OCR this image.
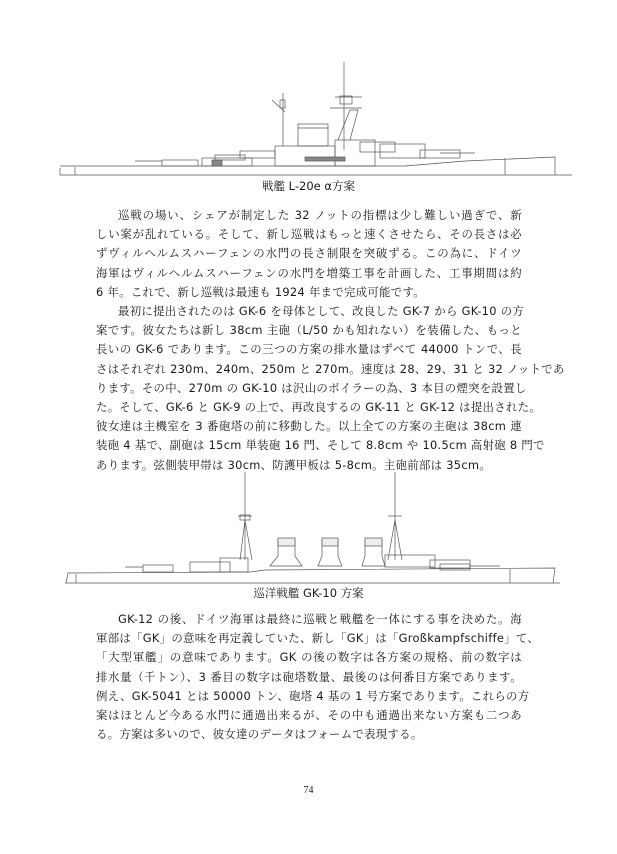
戦艦 L-20e α方案
巡戦の場い、シェアが制定した 32 ノットの指標は少し難しい過ぎで、新
しい案が乱れている。そして、新し巡戦はもっと速くさせたら、その長さは必
ずヴィルヘルムスハーフェンの水門の長さ制限を突破ずる。この為に、ドイツ
海軍はヴィルヘルムスハーフェンの水門を増築工事を計画した、工事期間は約
6 年。これで、新し巡戦は最速も 1924 年まで完成可能です。
最初に提出されたのは GK-6 を母体として、改良した GK-7 から GK-10 の方
案です。彼女たちは新し 38cm 主砲（L/50 かも知れない）を装備した、もっと
長いの GK-6 であります。この三つの方案の排水量はずべて 44000 トンで、長
さはそれぞれ 230m、240m、250m と 270m。速度は 28、29、31 と 32 ノットであ
ります。その中、270m の GK-10 は沢山のボイラーの為、3 本目の煙突を設置し
た。そして、GK-6 と GK-9 の上で、再改良するの GK-11 と GK-12 は提出された。
彼女達は主機室を 3 番砲塔の前に移動した。以上全ての方案の主砲は 38cm 連
装砲 4 基で、副砲は 15cm 単装砲 16 門、そして 8.8cm や 10.5cm 高射砲 8 門で
あります。弦側装甲帯は 30cm、防護甲板は 5-8cm。主砲前部は 35cm。
巡洋戦艦 GK-10 方案
GK-12 の後、ドイツ海軍は最終に巡戦と戦艦を一体にする事を決めた。海
軍部は「GK」の意味を再定義していた、新し「GK」は「Großkampfschiffe」て、
「大型軍艦」の意味であります。GK の後の数字は各方案の規格、前の数字は
排水量（千トン）、3 番目の数字は砲塔数量、最後のは何番目方案であります。
例え、GK-5041 とは 50000 トン、砲塔 4 基の 1 号方案であります。これらの方
案はほとんど今ある水門に通過出来るが、その中も通過出来ない方案も二つあ
る。方案は多いので、彼女達のデータはフォームで表現する。
74
